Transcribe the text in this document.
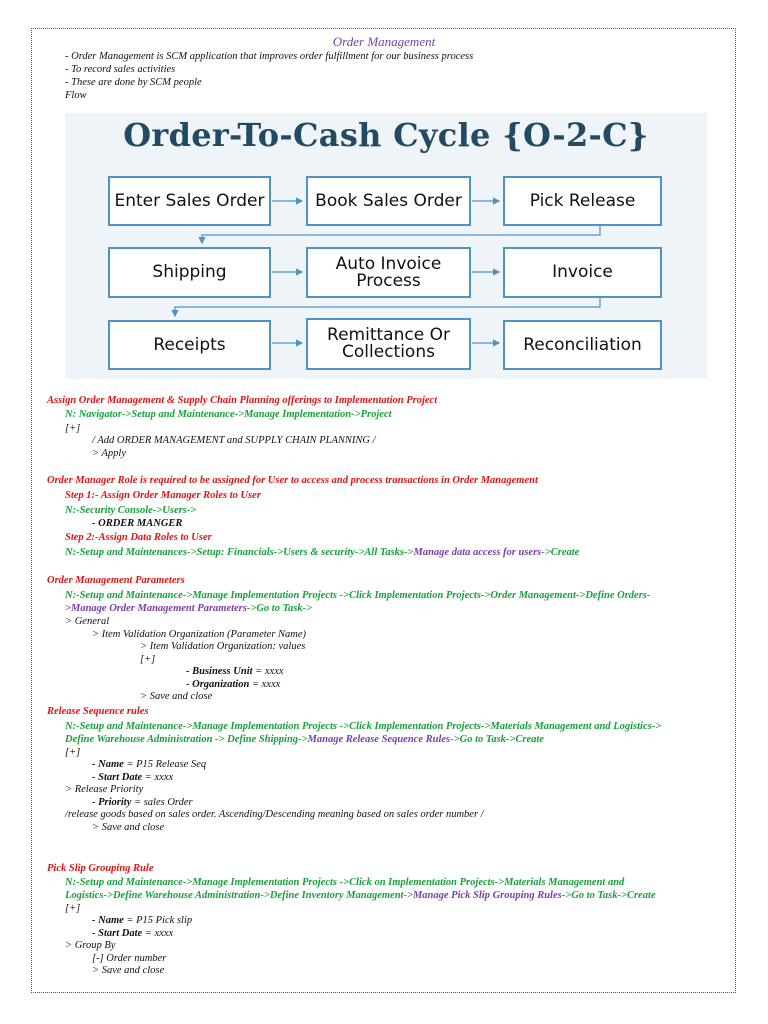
Order Management
- Order Management is SCM application that improves order fulfillment for our business process
- To record sales activities
- These are done by SCM people
Flow
Order-To-Cash Cycle {O-2-C}
Enter Sales Order	Book Sales Order	Pick Release
Shipping	Auto Invoice Process	Invoice
Receipts	Remittance Or Collections	Reconciliation
Assign Order Management & Supply Chain Planning offerings to Implementation Project
N: Navigator->Setup and Maintenance->Manage Implementation->Project
[+]
/ Add ORDER MANAGEMENT and SUPPLY CHAIN PLANNING /
> Apply
Order Manager Role is required to be assigned for User to access and process transactions in Order Management
Step 1:- Assign Order Manager Roles to User
N:-Security Console->Users->
- ORDER MANGER
Step 2:-Assign Data Roles to User
N:-Setup and Maintenances->Setup: Financials->Users & security->All Tasks->Manage data access for users->Create
Order Management Parameters
N:-Setup and Maintenance->Manage Implementation Projects ->Click Implementation Projects->Order Management->Define Orders-
>Manage Order Management Parameters->Go to Task->
> General
> Item Validation Organization (Parameter Name)
> Item Validation Organization: values
[+]
- Business Unit = xxxx
- Organization = xxxx
> Save and close
Release Sequence rules
N:-Setup and Maintenance->Manage Implementation Projects ->Click Implementation Projects->Materials Management and Logistics->
Define Warehouse Administration -> Define Shipping->Manage Release Sequence Rules->Go to Task->Create
[+]
- Name = P15 Release Seq
- Start Date = xxxx
> Release Priority
- Priority = sales Order
/release goods based on sales order. Ascending/Descending meaning based on sales order number /
> Save and close
Pick Slip Grouping Rule
N:-Setup and Maintenance->Manage Implementation Projects ->Click on Implementation Projects->Materials Management and
Logistics->Define Warehouse Administration->Define Inventory Management->Manage Pick Slip Grouping Rules->Go to Task->Create
[+]
- Name = P15 Pick slip
- Start Date = xxxx
> Group By
[-] Order number
> Save and close
